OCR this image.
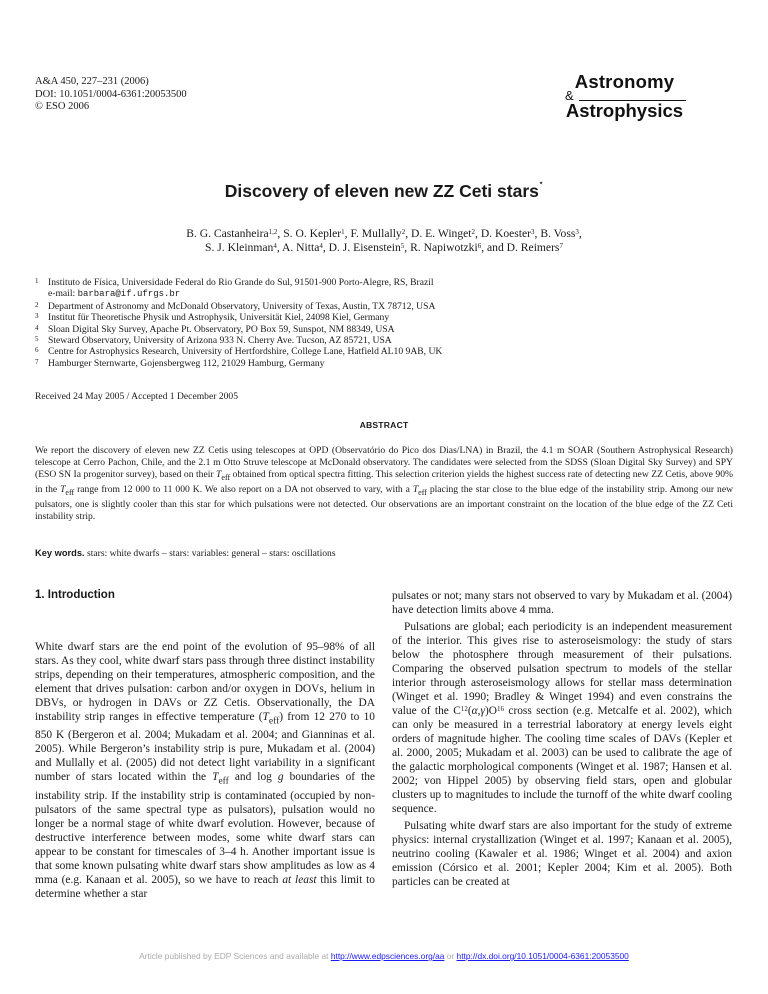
A&A 450, 227–231 (2006)
DOI: 10.1051/0004-6361:20053500
© ESO 2006
Astronomy
&
Astrophysics
Discovery of eleven new ZZ Ceti stars⋆
B. G. Castanheira$^{1,2}$, S. O. Kepler$^1$, F. Mullally$^2$, D. E. Winget$^2$, D. Koester$^3$, B. Voss$^3$,
S. J. Kleinman$^4$, A. Nitta$^4$, D. J. Eisenstein$^5$, R. Napiwotzki$^6$, and D. Reimers$^7$
1 Instituto de Física, Universidade Federal do Rio Grande do Sul, 91501-900 Porto-Alegre, RS, Brazil
e-mail: barbara@if.ufrgs.br
2 Department of Astronomy and McDonald Observatory, University of Texas, Austin, TX 78712, USA
3 Institut für Theoretische Physik und Astrophysik, Universität Kiel, 24098 Kiel, Germany
4 Sloan Digital Sky Survey, Apache Pt. Observatory, PO Box 59, Sunspot, NM 88349, USA
5 Steward Observatory, University of Arizona 933 N. Cherry Ave. Tucson, AZ 85721, USA
6 Centre for Astrophysics Research, University of Hertfordshire, College Lane, Hatfield AL10 9AB, UK
7 Hamburger Sternwarte, Gojensbergweg 112, 21029 Hamburg, Germany
Received 24 May 2005 / Accepted 1 December 2005
ABSTRACT
We report the discovery of eleven new ZZ Cetis using telescopes at OPD (Observatório do Pico dos Dias/LNA) in Brazil, the 4.1 m SOAR (Southern Astrophysical Research) telescope at Cerro Pachon, Chile, and the 2.1 m Otto Struve telescope at McDonald observatory. The candidates were selected from the SDSS (Sloan Digital Sky Survey) and SPY (ESO SN Ia progenitor survey), based on their $T_{eff}$ obtained from optical spectra fitting. This selection criterion yields the highest success rate of detecting new ZZ Cetis, above 90% in the $T_{eff}$ range from 12 000 to 11 000 K. We also report on a DA not observed to vary, with a $T_{eff}$ placing the star close to the blue edge of the instability strip. Among our new pulsators, one is slightly cooler than this star for which pulsations were not detected. Our observations are an important constraint on the location of the blue edge of the ZZ Ceti instability strip.
Key words. stars: white dwarfs – stars: variables: general – stars: oscillations
1. Introduction

White dwarf stars are the end point of the evolution of 95–98% of all stars. As they cool, white dwarf stars pass through three distinct instability strips, depending on their temperatures, atmospheric composition, and the element that drives pulsation: carbon and/or oxygen in DOVs, helium in DBVs, or hydrogen in DAVs or ZZ Cetis. Observationally, the DA instability strip ranges in effective temperature $(T_{eff})$ from 12 270 to 10 850 K (Bergeron et al. 2004; Mukadam et al. 2004; and Gianninas et al. 2005). While Bergeron’s instability strip is pure, Mukadam et al. (2004) and Mullally et al. (2005) did not detect light variability in a significant number of stars located within the $T_{eff}$ and log g boundaries of the instability strip. If the instability strip is contaminated (occupied by non-pulsators of the same spectral type as pulsators), pulsation would no longer be a normal stage of white dwarf evolution. However, because of destructive interference between modes, some white dwarf stars can appear to be constant for timescales of 3–4 h. Another important issue is that some known pulsating white dwarf stars show amplitudes as low as 4 mma (e.g. Kanaan et al. 2005), so we have to reach at least this limit to determine whether a star

pulsates or not; many stars not observed to vary by Mukadam et al. (2004) have detection limits above 4 mma.

Pulsations are global; each periodicity is an independent measurement of the interior. This gives rise to asteroseismology: the study of stars below the photosphere through measurement of their pulsations. Comparing the observed pulsation spectrum to models of the stellar interior through asteroseismology allows for stellar mass determination (Winget et al. 1990; Bradley & Winget 1994) and even constrains the value of the $C^{12}(\alpha,\gamma)O^{16}$ cross section (e.g. Metcalfe et al. 2002), which can only be measured in a terrestrial laboratory at energy levels eight orders of magnitude higher. The cooling time scales of DAVs (Kepler et al. 2000, 2005; Mukadam et al. 2003) can be used to calibrate the age of the galactic morphological components (Winget et al. 1987; Hansen et al. 2002; von Hippel 2005) by observing field stars, open and globular clusters up to magnitudes to include the turnoff of the white dwarf cooling sequence.

Pulsating white dwarf stars are also important for the study of extreme physics: internal crystallization (Winget et al. 1997; Kanaan et al. 2005), neutrino cooling (Kawaler et al. 1986; Winget et al. 2004) and axion emission (Córsico et al. 2001; Kepler 2004; Kim et al. 2005). Both particles can be created at

Article published by EDP Sciences and available at http://www.edpsciences.org/aa or http://dx.doi.org/10.1051/0004-6361:20053500
